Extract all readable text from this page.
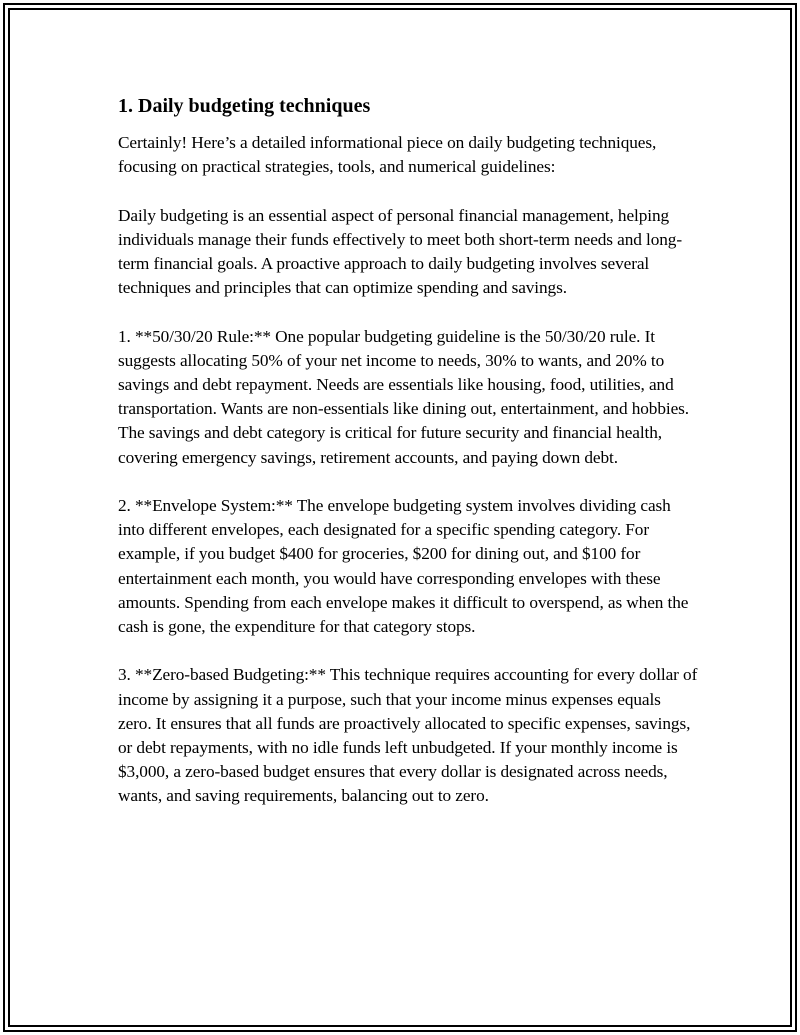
1. Daily budgeting techniques

Certainly! Here’s a detailed informational piece on daily budgeting techniques, focusing on practical strategies, tools, and numerical guidelines:

Daily budgeting is an essential aspect of personal financial management, helping individuals manage their funds effectively to meet both short-term needs and long-term financial goals. A proactive approach to daily budgeting involves several techniques and principles that can optimize spending and savings.

1. **50/30/20 Rule:** One popular budgeting guideline is the 50/30/20 rule. It suggests allocating 50% of your net income to needs, 30% to wants, and 20% to savings and debt repayment. Needs are essentials like housing, food, utilities, and transportation. Wants are non-essentials like dining out, entertainment, and hobbies. The savings and debt category is critical for future security and financial health, covering emergency savings, retirement accounts, and paying down debt.

2. **Envelope System:** The envelope budgeting system involves dividing cash into different envelopes, each designated for a specific spending category. For example, if you budget $400 for groceries, $200 for dining out, and $100 for entertainment each month, you would have corresponding envelopes with these amounts. Spending from each envelope makes it difficult to overspend, as when the cash is gone, the expenditure for that category stops.

3. **Zero-based Budgeting:** This technique requires accounting for every dollar of income by assigning it a purpose, such that your income minus expenses equals zero. It ensures that all funds are proactively allocated to specific expenses, savings, or debt repayments, with no idle funds left unbudgeted. If your monthly income is $3,000, a zero-based budget ensures that every dollar is designated across needs, wants, and saving requirements, balancing out to zero.
